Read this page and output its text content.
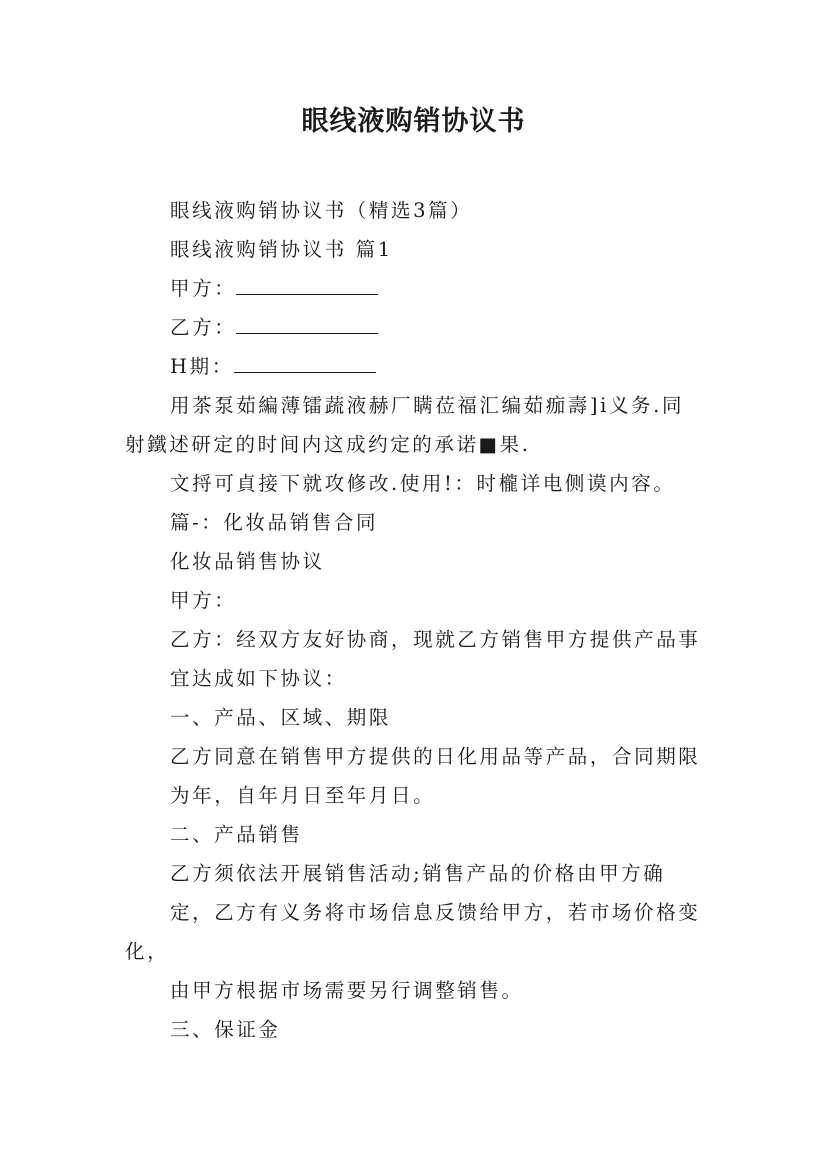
眼线液购销协议书
眼线液购销协议书（精选3篇）
眼线液购销协议书 篇1
甲方：
乙方：
H期：
用茶泵茹編薄镭蔬液赫厂瞒莅福汇编茹痂壽]i义务.同
射鐵述研定的时间内这成约定的承诺■果.
文捋可貞接下就攻修改.使用!：时櫳详电侧谟内容。
篇-：化妆品销售合同
化妆品销售协议
甲方：
乙方：经双方友好协商，现就乙方销售甲方提供产品事
宜达成如下协议：
一、产品、区域、期限
乙方同意在销售甲方提供的日化用品等产品，合同期限
为年，自年月日至年月日。
二、产品销售
乙方须依法开展销售活动;销售产品的价格由甲方确
定，乙方有义务将市场信息反馈给甲方，若市场价格变
化，
由甲方根据市场需要另行调整销售。
三、保证金
